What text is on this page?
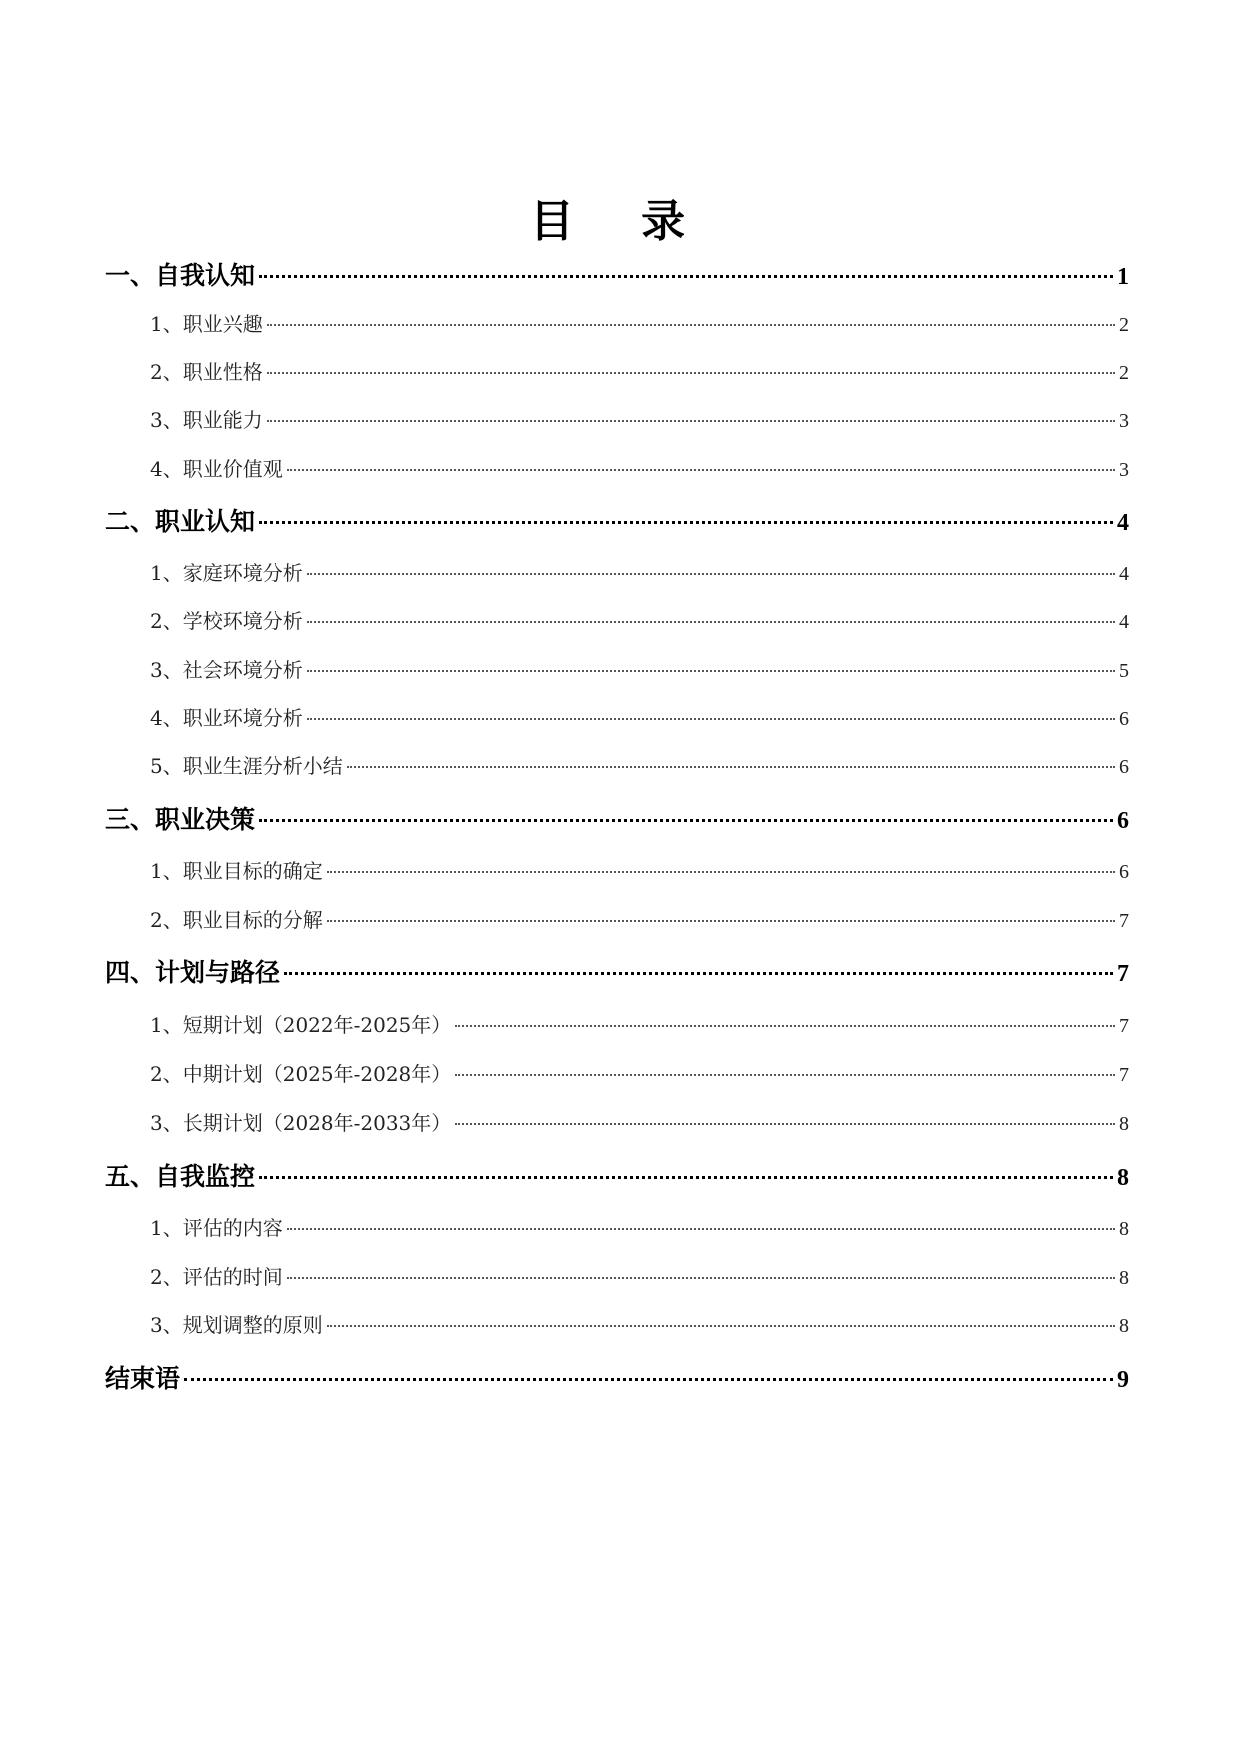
目 录
一、自我认知	1
1、职业兴趣	2
2、职业性格	2
3、职业能力	3
4、职业价值观	3
二、职业认知	4
1、家庭环境分析	4
2、学校环境分析	4
3、社会环境分析	5
4、职业环境分析	6
5、职业生涯分析小结	6
三、职业决策	6
1、职业目标的确定	6
2、职业目标的分解	7
四、计划与路径	7
1、短期计划（2022年-2025年）	7
2、中期计划（2025年-2028年）	7
3、长期计划（2028年-2033年）	8
五、自我监控	8
1、评估的内容	8
2、评估的时间	8
3、规划调整的原则	8
结束语	9
